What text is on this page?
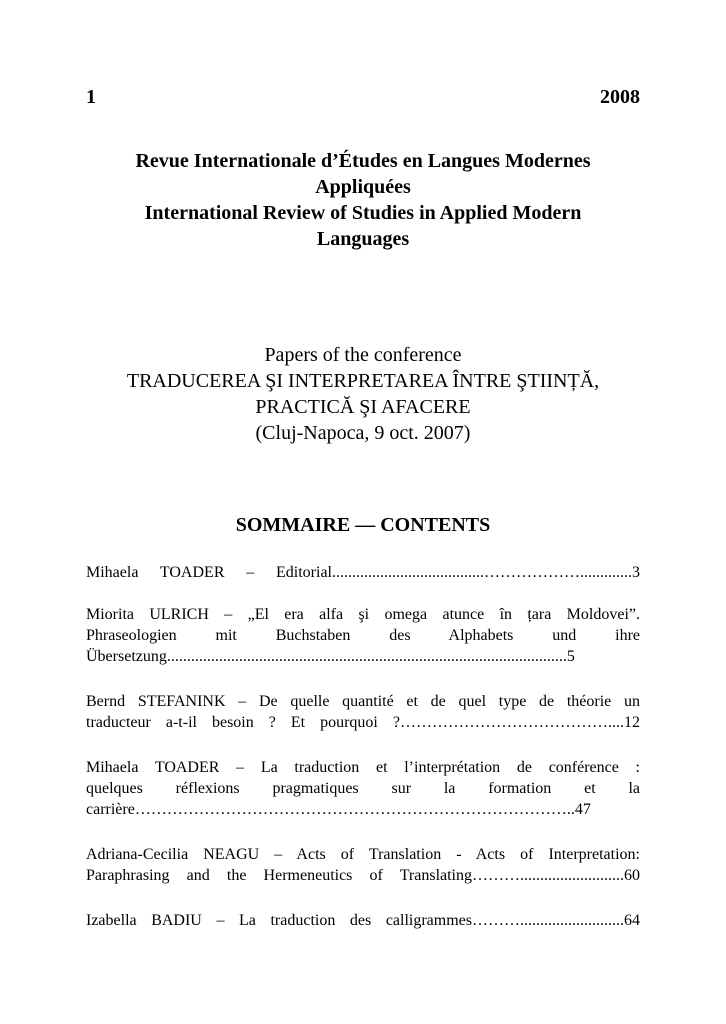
1	2008
Revue Internationale d’Études en Langues Modernes
Appliquées
International Review of Studies in Applied Modern
Languages
Papers of the conference
TRADUCEREA ŞI INTERPRETAREA ÎNTRE ŞTIINȚĂ,
PRACTICĂ ŞI AFACERE
(Cluj-Napoca, 9 oct. 2007)
SOMMAIRE — CONTENTS
Mihaela TOADER – Editorial......................................……………….............3
Miorita ULRICH – „El era alfa şi omega atunce în țara Moldovei”.
Phraseologien mit Buchstaben des Alphabets und ihre
Übersetzung....................................................................................................5
Bernd STEFANINK – De quelle quantité et de quel type de théorie un
traducteur a-t-il besoin ? Et pourquoi ?…………………………………....12
Mihaela TOADER – La traduction et l’interprétation de conférence :
quelques réflexions pragmatiques sur la formation et la
carrière………………………………………………………………………..47
Adriana-Cecilia NEAGU – Acts of Translation - Acts of Interpretation:
Paraphrasing and the Hermeneutics of Translating………..........................60
Izabella BADIU – La traduction des calligrammes………..........................64
